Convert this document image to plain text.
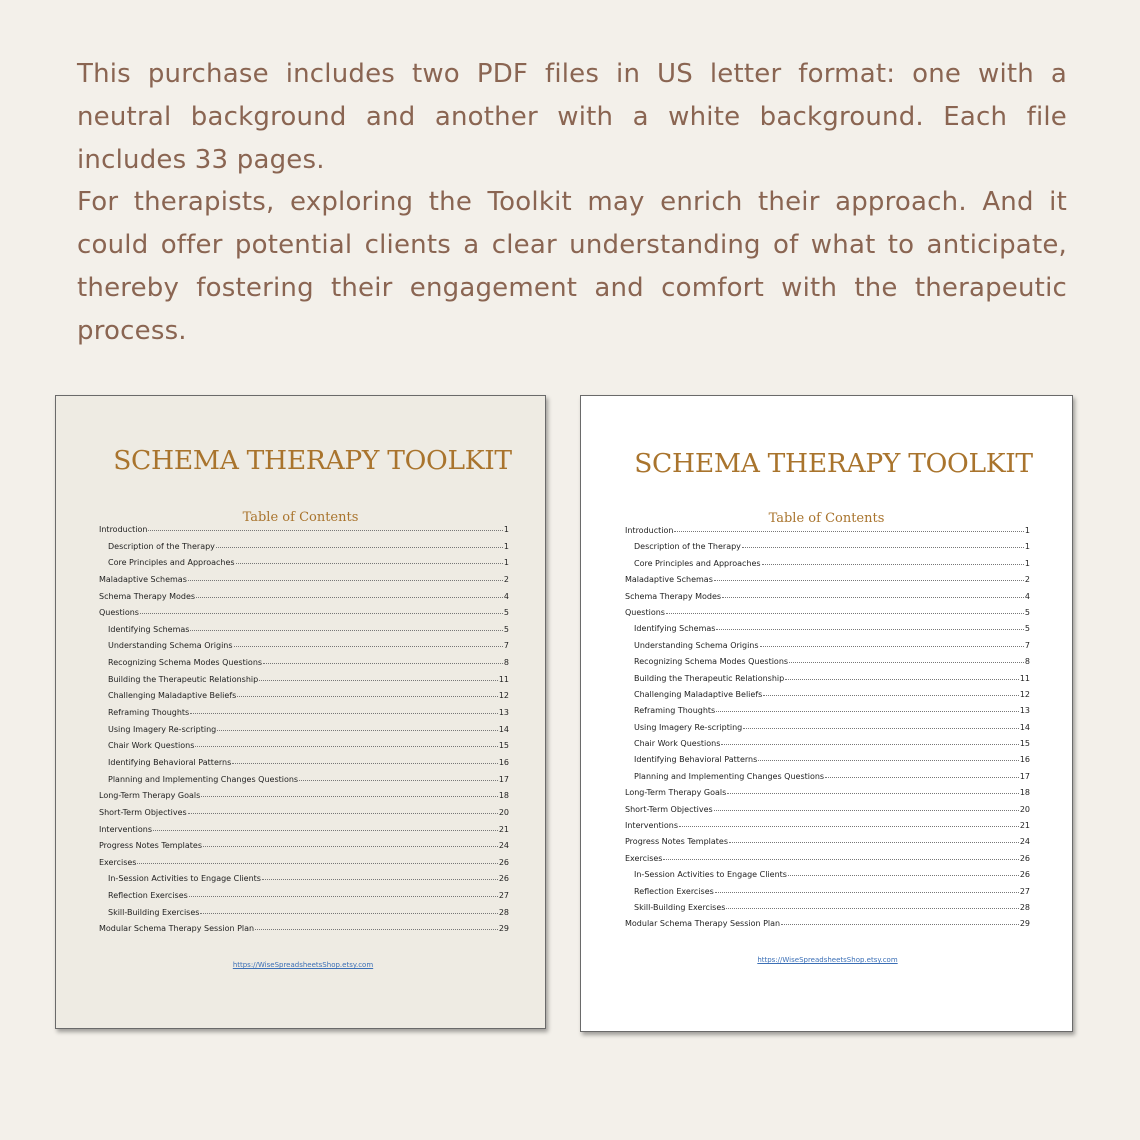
This purchase includes two PDF files in US letter format: one with a neutral background and another with a white background. Each file includes 33 pages.

For therapists, exploring the Toolkit may enrich their approach. And it could offer potential clients a clear understanding of what to anticipate, thereby fostering their engagement and comfort with the therapeutic process.

SCHEMA THERAPY TOOLKIT
Table of Contents
Introduction	1
Description of the Therapy	1
Core Principles and Approaches	1
Maladaptive Schemas	2
Schema Therapy Modes	4
Questions	5
Identifying Schemas	5
Understanding Schema Origins	7
Recognizing Schema Modes Questions	8
Building the Therapeutic Relationship	11
Challenging Maladaptive Beliefs	12
Reframing Thoughts	13
Using Imagery Re-scripting	14
Chair Work Questions	15
Identifying Behavioral Patterns	16
Planning and Implementing Changes Questions	17
Long-Term Therapy Goals	18
Short-Term Objectives	20
Interventions	21
Progress Notes Templates	24
Exercises	26
In-Session Activities to Engage Clients	26
Reflection Exercises	27
Skill-Building Exercises	28
Modular Schema Therapy Session Plan	29
https://WiseSpreadsheetsShop.etsy.com
SCHEMA THERAPY TOOLKIT
Table of Contents
Introduction	1
Description of the Therapy	1
Core Principles and Approaches	1
Maladaptive Schemas	2
Schema Therapy Modes	4
Questions	5
Identifying Schemas	5
Understanding Schema Origins	7
Recognizing Schema Modes Questions	8
Building the Therapeutic Relationship	11
Challenging Maladaptive Beliefs	12
Reframing Thoughts	13
Using Imagery Re-scripting	14
Chair Work Questions	15
Identifying Behavioral Patterns	16
Planning and Implementing Changes Questions	17
Long-Term Therapy Goals	18
Short-Term Objectives	20
Interventions	21
Progress Notes Templates	24
Exercises	26
In-Session Activities to Engage Clients	26
Reflection Exercises	27
Skill-Building Exercises	28
Modular Schema Therapy Session Plan	29
https://WiseSpreadsheetsShop.etsy.com
